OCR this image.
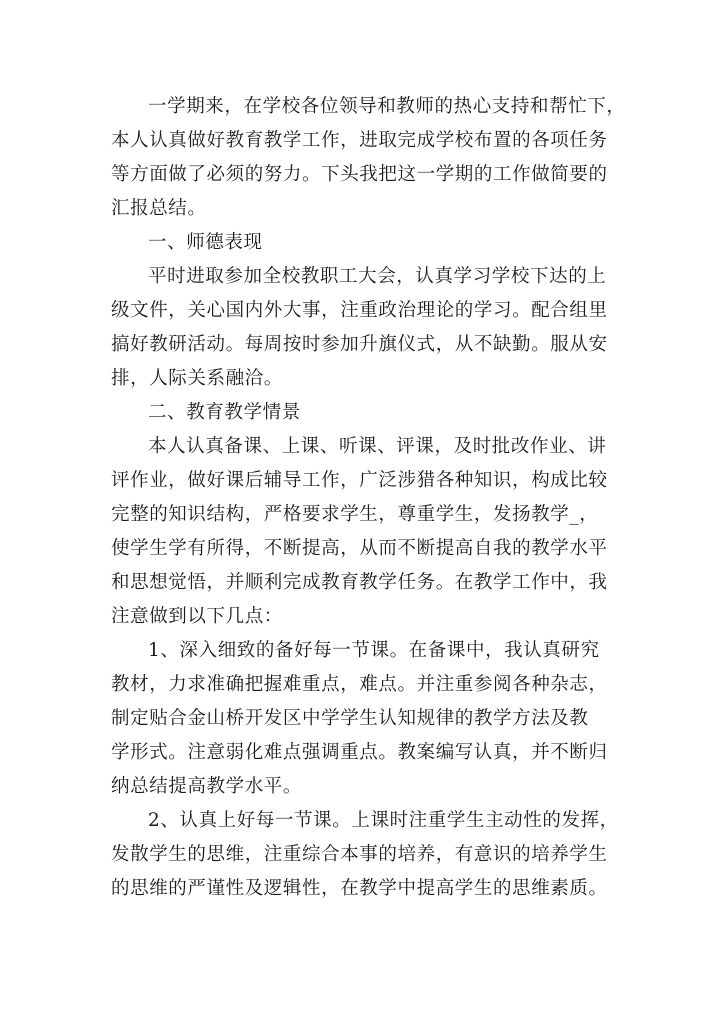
一学期来，在学校各位领导和教师的热心支持和帮忙下，
本人认真做好教育教学工作，进取完成学校布置的各项任务
等方面做了必须的努力。下头我把这一学期的工作做简要的
汇报总结。
一、师德表现
平时进取参加全校教职工大会，认真学习学校下达的上
级文件，关心国内外大事，注重政治理论的学习。配合组里
搞好教研活动。每周按时参加升旗仪式，从不缺勤。服从安
排，人际关系融洽。
二、教育教学情景
本人认真备课、上课、听课、评课，及时批改作业、讲
评作业，做好课后辅导工作，广泛涉猎各种知识，构成比较
完整的知识结构，严格要求学生，尊重学生，发扬教学_，
使学生学有所得，不断提高，从而不断提高自我的教学水平
和思想觉悟，并顺利完成教育教学任务。在教学工作中，我
注意做到以下几点：
1、深入细致的备好每一节课。在备课中，我认真研究
教材，力求准确把握难重点，难点。并注重参阅各种杂志，
制定贴合金山桥开发区中学学生认知规律的教学方法及教
学形式。注意弱化难点强调重点。教案编写认真，并不断归
纳总结提高教学水平。
2、认真上好每一节课。上课时注重学生主动性的发挥，
发散学生的思维，注重综合本事的培养，有意识的培养学生
的思维的严谨性及逻辑性，在教学中提高学生的思维素质。
